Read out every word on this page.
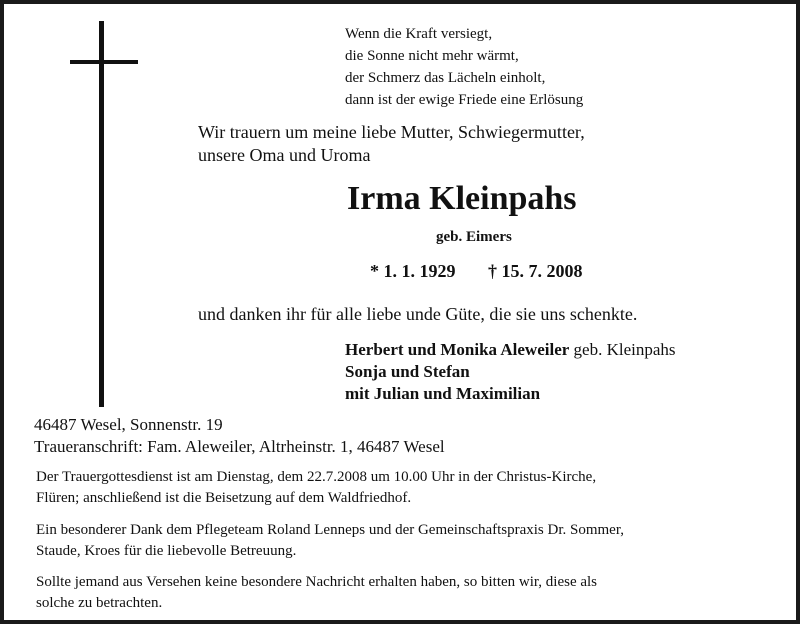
Wenn die Kraft versiegt,
die Sonne nicht mehr wärmt,
der Schmerz das Lächeln einholt,
dann ist der ewige Friede eine Erlösung
Wir trauern um meine liebe Mutter, Schwiegermutter,
unsere Oma und Uroma
Irma Kleinpahs
geb. Eimers
* 1. 1. 1929 † 15. 7. 2008
und danken ihr für alle liebe unde Güte, die sie uns schenkte.
Herbert und Monika Aleweiler geb. Kleinpahs
Sonja und Stefan
mit Julian und Maximilian
46487 Wesel, Sonnenstr. 19
Traueranschrift: Fam. Aleweiler, Altrheinstr. 1, 46487 Wesel
Der Trauergottesdienst ist am Dienstag, dem 22.7.2008 um 10.00 Uhr in der Christus-Kirche,
Flüren; anschließend ist die Beisetzung auf dem Waldfriedhof.
Ein besonderer Dank dem Pflegeteam Roland Lenneps und der Gemeinschaftspraxis Dr. Sommer,
Staude, Kroes für die liebevolle Betreuung.
Sollte jemand aus Versehen keine besondere Nachricht erhalten haben, so bitten wir, diese als
solche zu betrachten.
